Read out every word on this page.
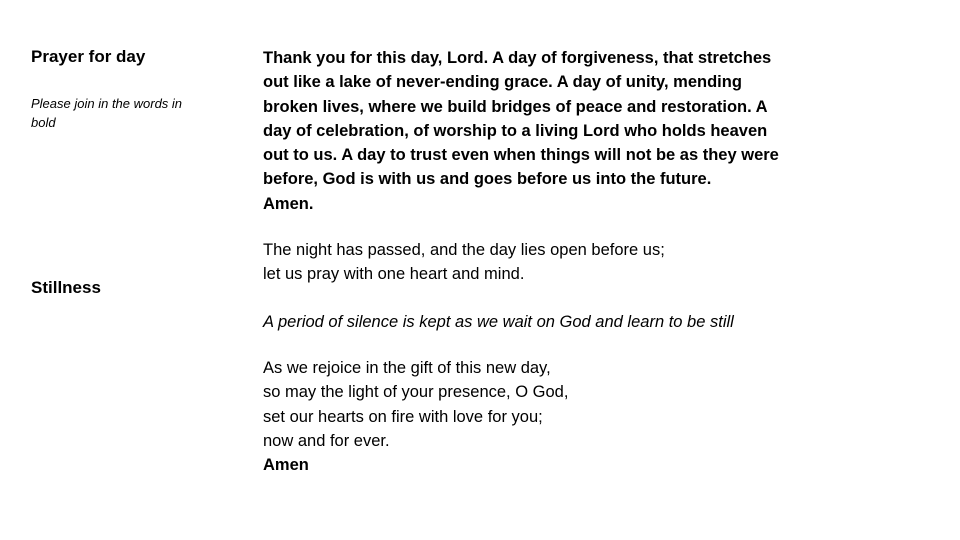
Prayer for day

Please join in the words in
bold

Stillness

Thank you for this day, Lord. A day of forgiveness, that stretches
out like a lake of never-ending grace. A day of unity, mending
broken lives, where we build bridges of peace and restoration. A
day of celebration, of worship to a living Lord who holds heaven
out to us. A day to trust even when things will not be as they were
before, God is with us and goes before us into the future.
Amen.
The night has passed, and the day lies open before us;
let us pray with one heart and mind.

A period of silence is kept as we wait on God and learn to be still

As we rejoice in the gift of this new day,
so may the light of your presence, O God,
set our hearts on fire with love for you;
now and for ever.
Amen
